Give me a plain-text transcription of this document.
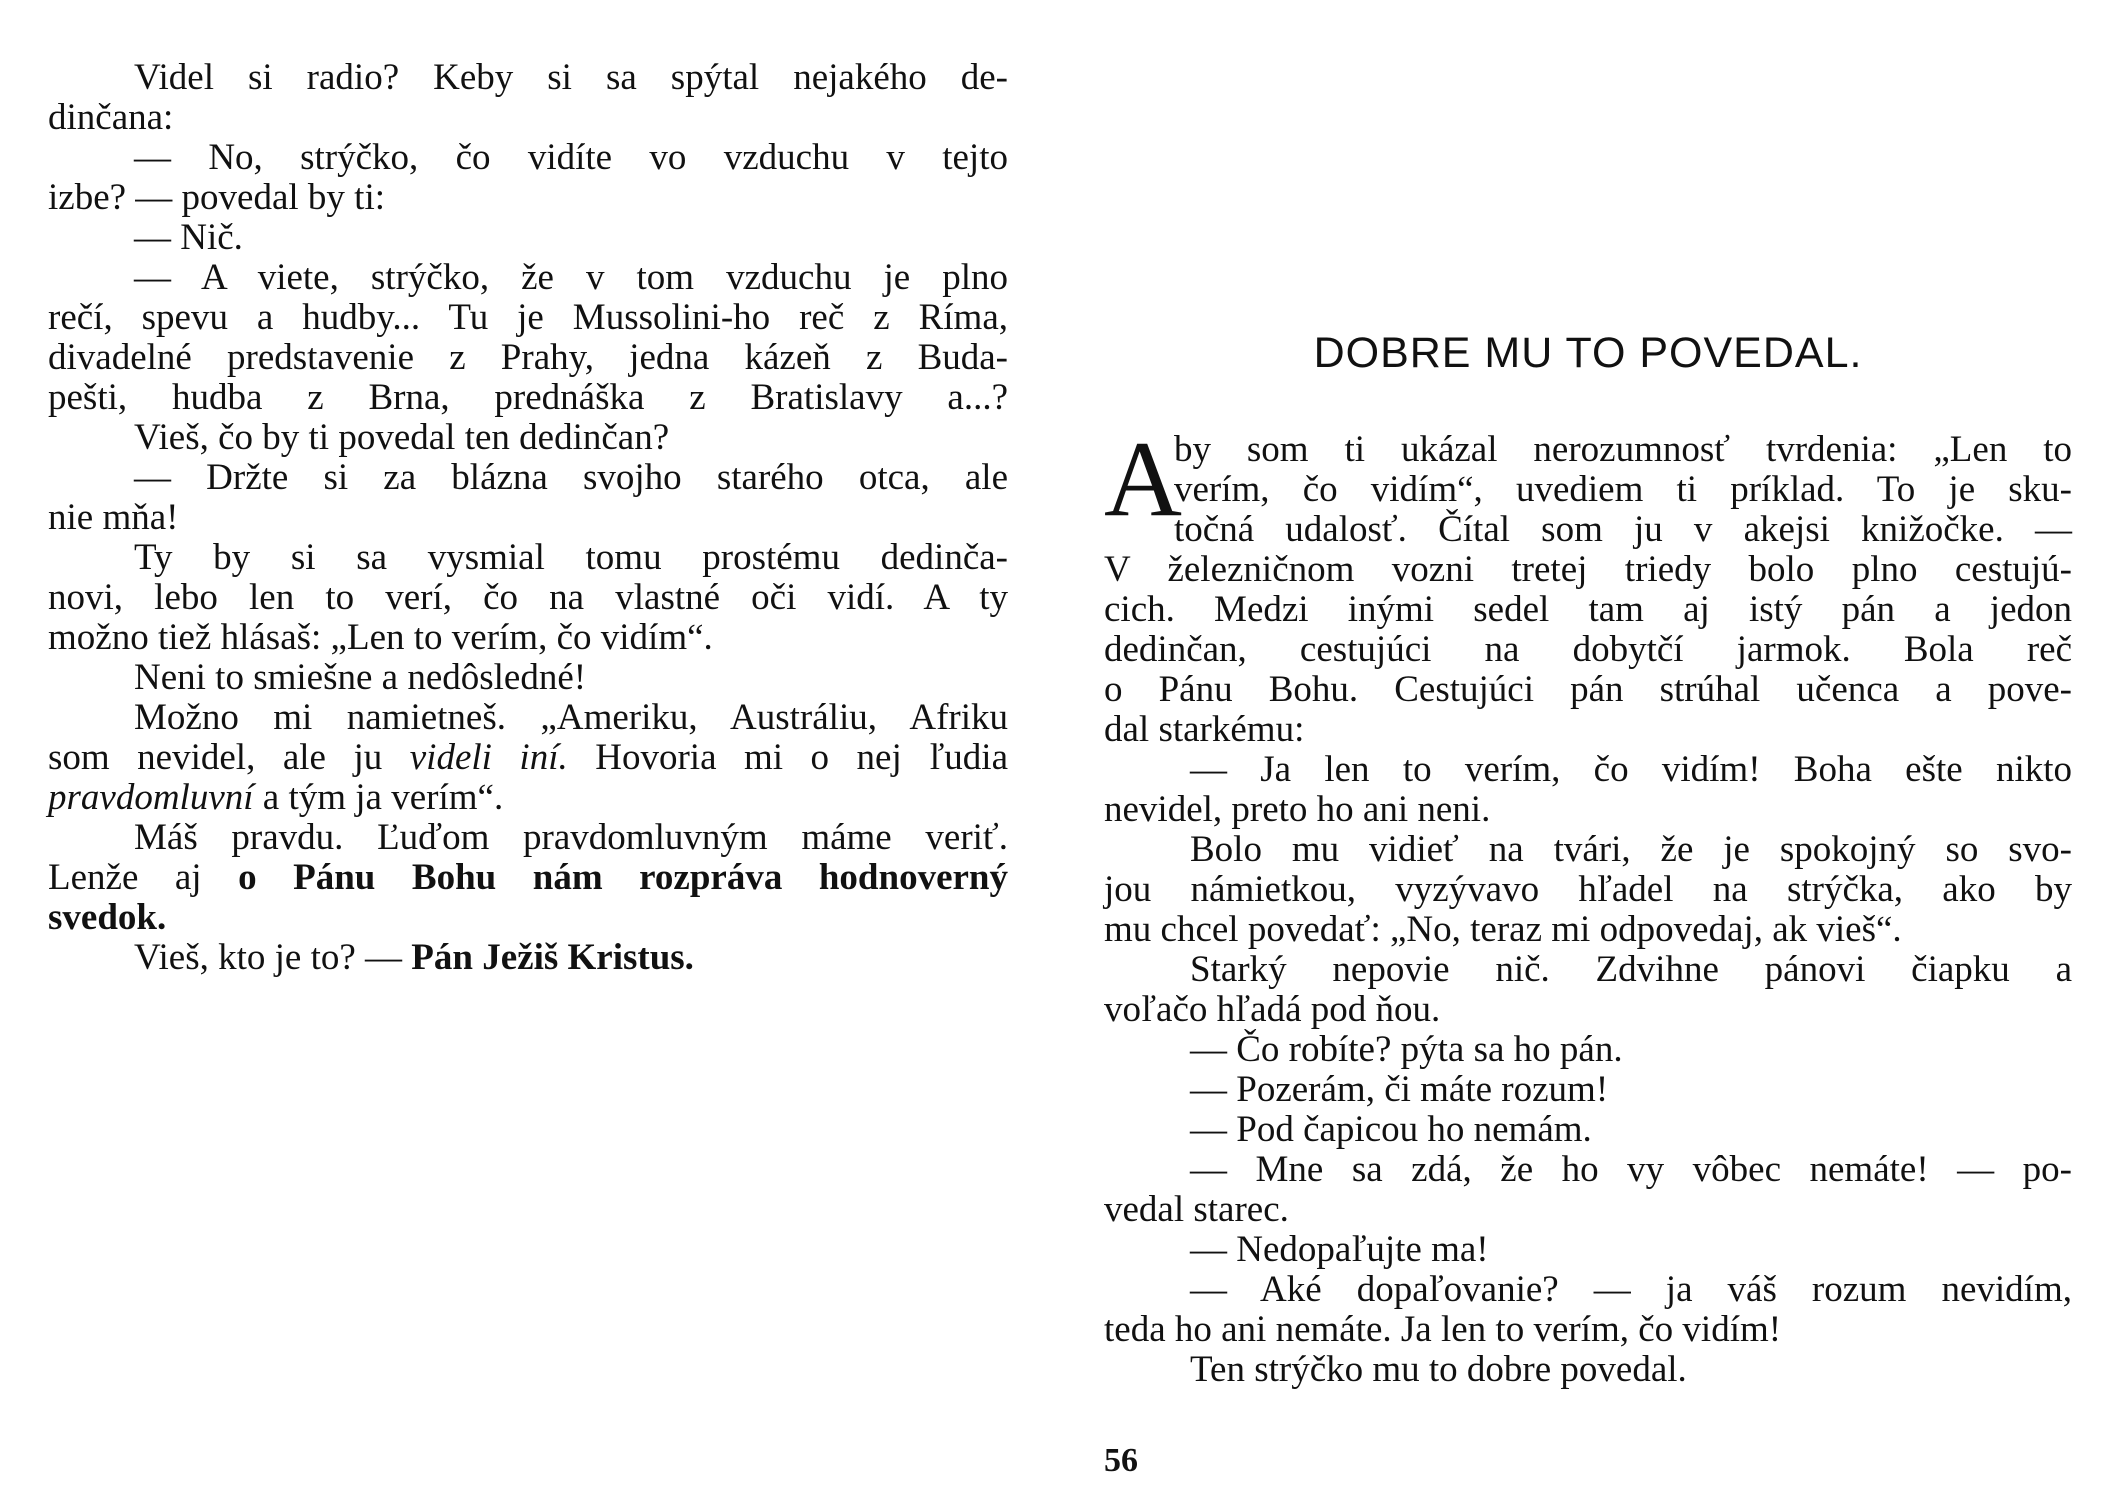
Videl si radio? Keby si sa spýtal nejakého de-
dinčana:
— No, strýčko, čo vidíte vo vzduchu v tejto
izbe? — povedal by ti:
— Nič.
— A viete, strýčko, že v tom vzduchu je plno
rečí, spevu a hudby... Tu je Mussolini-ho reč z Ríma,
divadelné predstavenie z Prahy, jedna kázeň z Buda-
pešti, hudba z Brna, prednáška z Bratislavy a...?
Vieš, čo by ti povedal ten dedinčan?
— Držte si za blázna svojho starého otca, ale
nie mňa!
Ty by si sa vysmial tomu prostému dedinča-
novi, lebo len to verí, čo na vlastné oči vidí. A ty
možno tiež hlásaš: „Len to verím, čo vidím“.
Neni to smiešne a nedôsledné!
Možno mi namietneš. „Ameriku, Austráliu, Afriku
som nevidel, ale ju videli iní. Hovoria mi o nej ľudia
pravdomluvní a tým ja verím“.
Máš pravdu. Ľuďom pravdomluvným máme veriť.
Lenže aj o Pánu Bohu nám rozpráva hodnoverný
svedok.
Vieš, kto je to? — Pán Ježiš Kristus.
DOBRE MU TO POVEDAL.
A
by som ti ukázal nerozumnosť tvrdenia: „Len to
verím, čo vidím“, uvediem ti príklad. To je sku-
točná udalosť. Čítal som ju v akejsi knižočke. —
V železničnom vozni tretej triedy bolo plno cestujú-
cich. Medzi inými sedel tam aj istý pán a jedon
dedinčan, cestujúci na dobytčí jarmok. Bola reč
o Pánu Bohu. Cestujúci pán strúhal učenca a pove-
dal starkému:
— Ja len to verím, čo vidím! Boha ešte nikto
nevidel, preto ho ani neni.
Bolo mu vidieť na tvári, že je spokojný so svo-
jou námietkou, vyzývavo hľadel na strýčka, ako by
mu chcel povedať: „No, teraz mi odpovedaj, ak vieš“.
Starký nepovie nič. Zdvihne pánovi čiapku a
voľačo hľadá pod ňou.
— Čo robíte? pýta sa ho pán.
— Pozerám, či máte rozum!
— Pod čapicou ho nemám.
— Mne sa zdá, že ho vy vôbec nemáte! — po-
vedal starec.
— Nedopaľujte ma!
— Aké dopaľovanie? — ja váš rozum nevidím,
teda ho ani nemáte. Ja len to verím, čo vidím!
Ten strýčko mu to dobre povedal.
56
